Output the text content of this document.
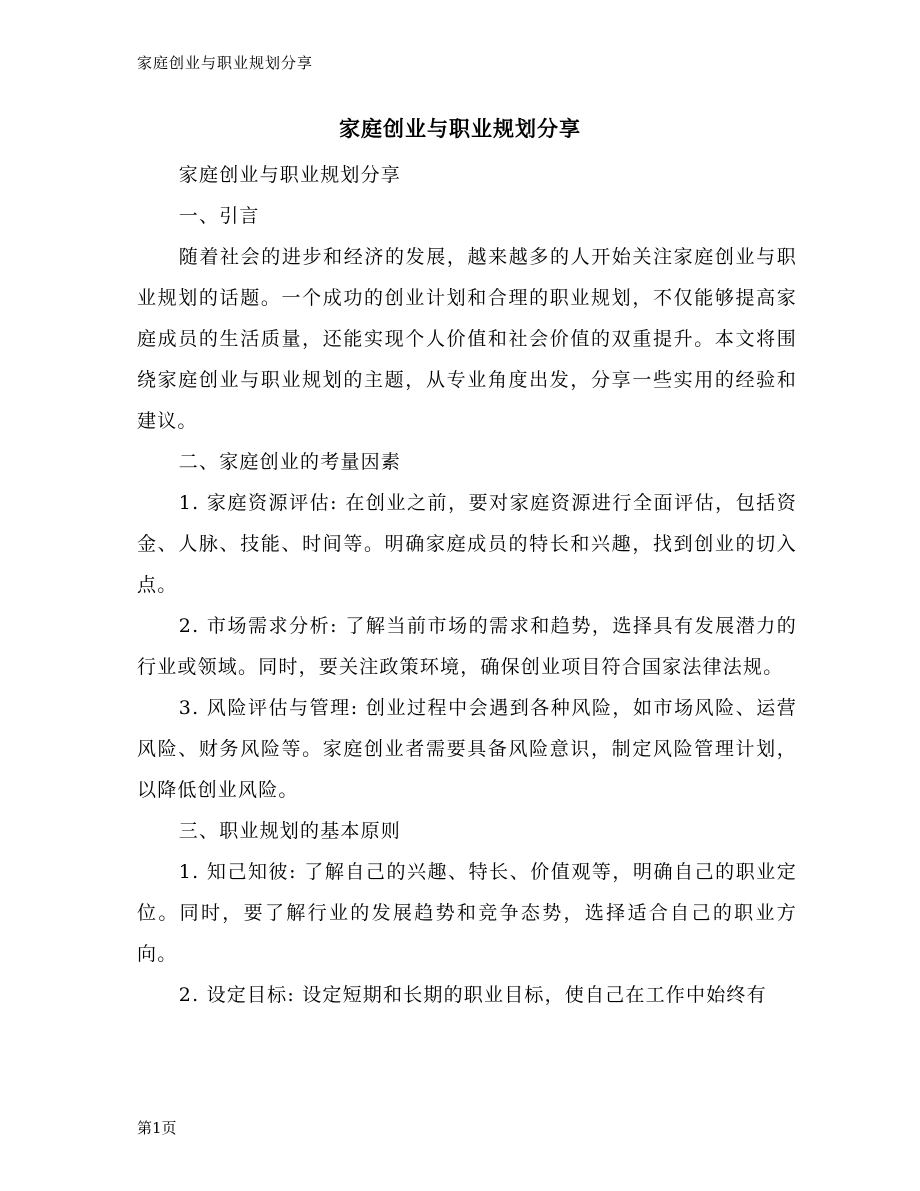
家庭创业与职业规划分享
家庭创业与职业规划分享

家庭创业与职业规划分享

一、引言

随着社会的进步和经济的发展，越来越多的人开始关注家庭创业与职业规划的话题。一个成功的创业计划和合理的职业规划，不仅能够提高家庭成员的生活质量，还能实现个人价值和社会价值的双重提升。本文将围绕家庭创业与职业规划的主题，从专业角度出发，分享一些实用的经验和建议。

二、家庭创业的考量因素

1. 家庭资源评估: 在创业之前，要对家庭资源进行全面评估，包括资金、人脉、技能、时间等。明确家庭成员的特长和兴趣，找到创业的切入点。

2. 市场需求分析: 了解当前市场的需求和趋势，选择具有发展潜力的行业或领域。同时，要关注政策环境，确保创业项目符合国家法律法规。

3. 风险评估与管理: 创业过程中会遇到各种风险，如市场风险、运营风险、财务风险等。家庭创业者需要具备风险意识，制定风险管理计划，以降低创业风险。

三、职业规划的基本原则

1. 知己知彼: 了解自己的兴趣、特长、价值观等，明确自己的职业定位。同时，要了解行业的发展趋势和竞争态势，选择适合自己的职业方向。

2. 设定目标: 设定短期和长期的职业目标，使自己在工作中始终有

第1页
